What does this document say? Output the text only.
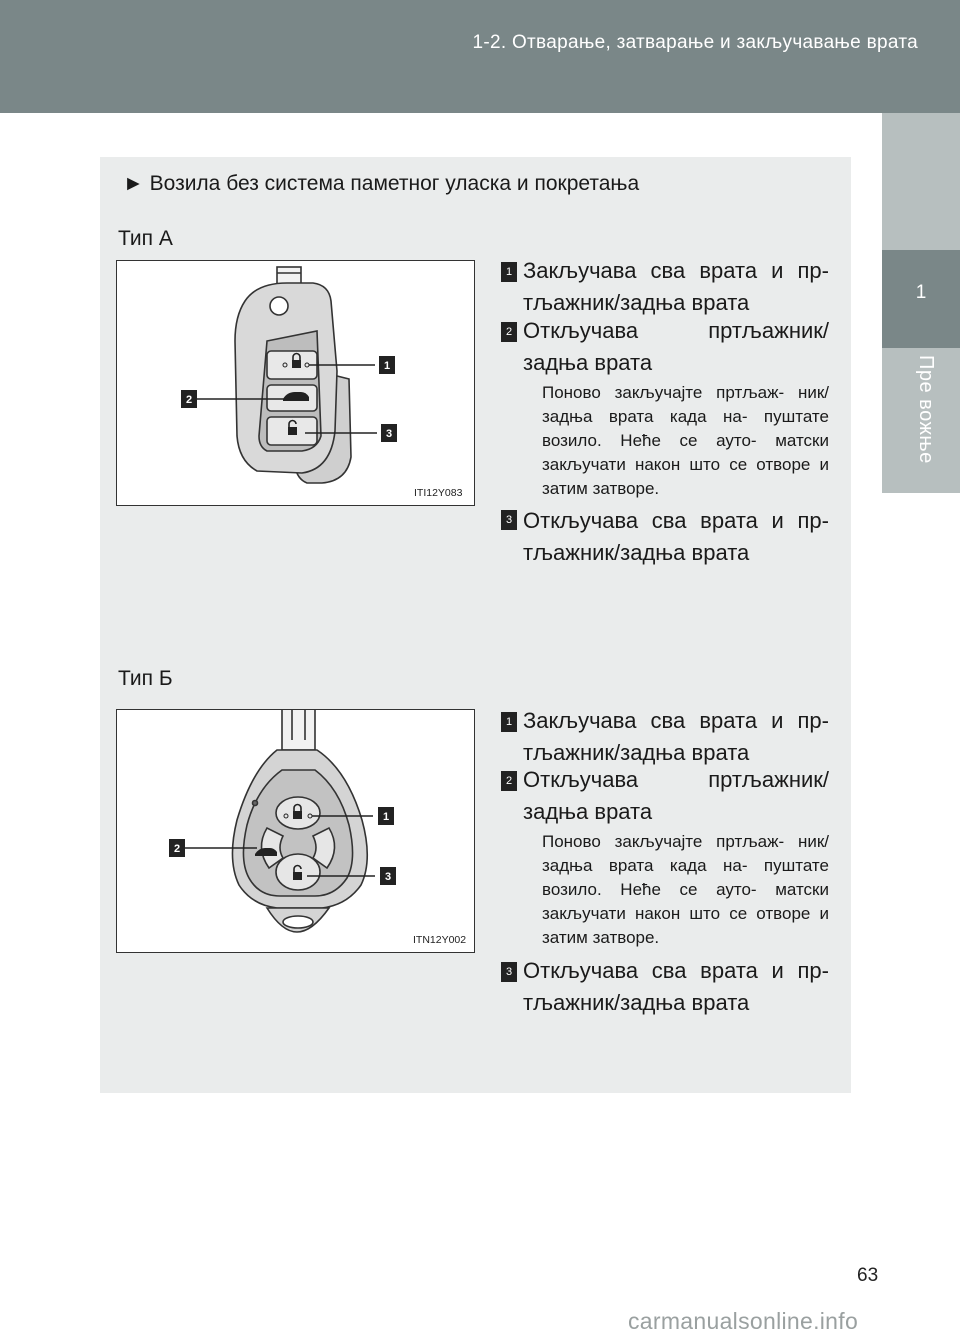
1-2. Отварање, затварање и закључавање врата
1
Пре вожње
► Возила без система паметног уласка и покретања
Тип А
1
2
3
ITI12Y083
1 Закључава сва врата и пр- тљажник/задња врата
2 Откључава пртљажник/ задња врата
Поново закључајте пртљаж- ник/задња врата када на- пуштате возило. Неће се ауто- матски закључати након што се отворе и затим затворе.
3 Откључава сва врата и пр- тљажник/задња врата
Тип Б
1
2
3
ITN12Y002
1 Закључава сва врата и пр- тљажник/задња врата
2 Откључава пртљажник/ задња врата
Поново закључајте пртљаж- ник/задња врата када на- пуштате возило. Неће се ауто- матски закључати након што се отворе и затим затворе.
3 Откључава сва врата и пр- тљажник/задња врата
63
carmanualsonline.info
